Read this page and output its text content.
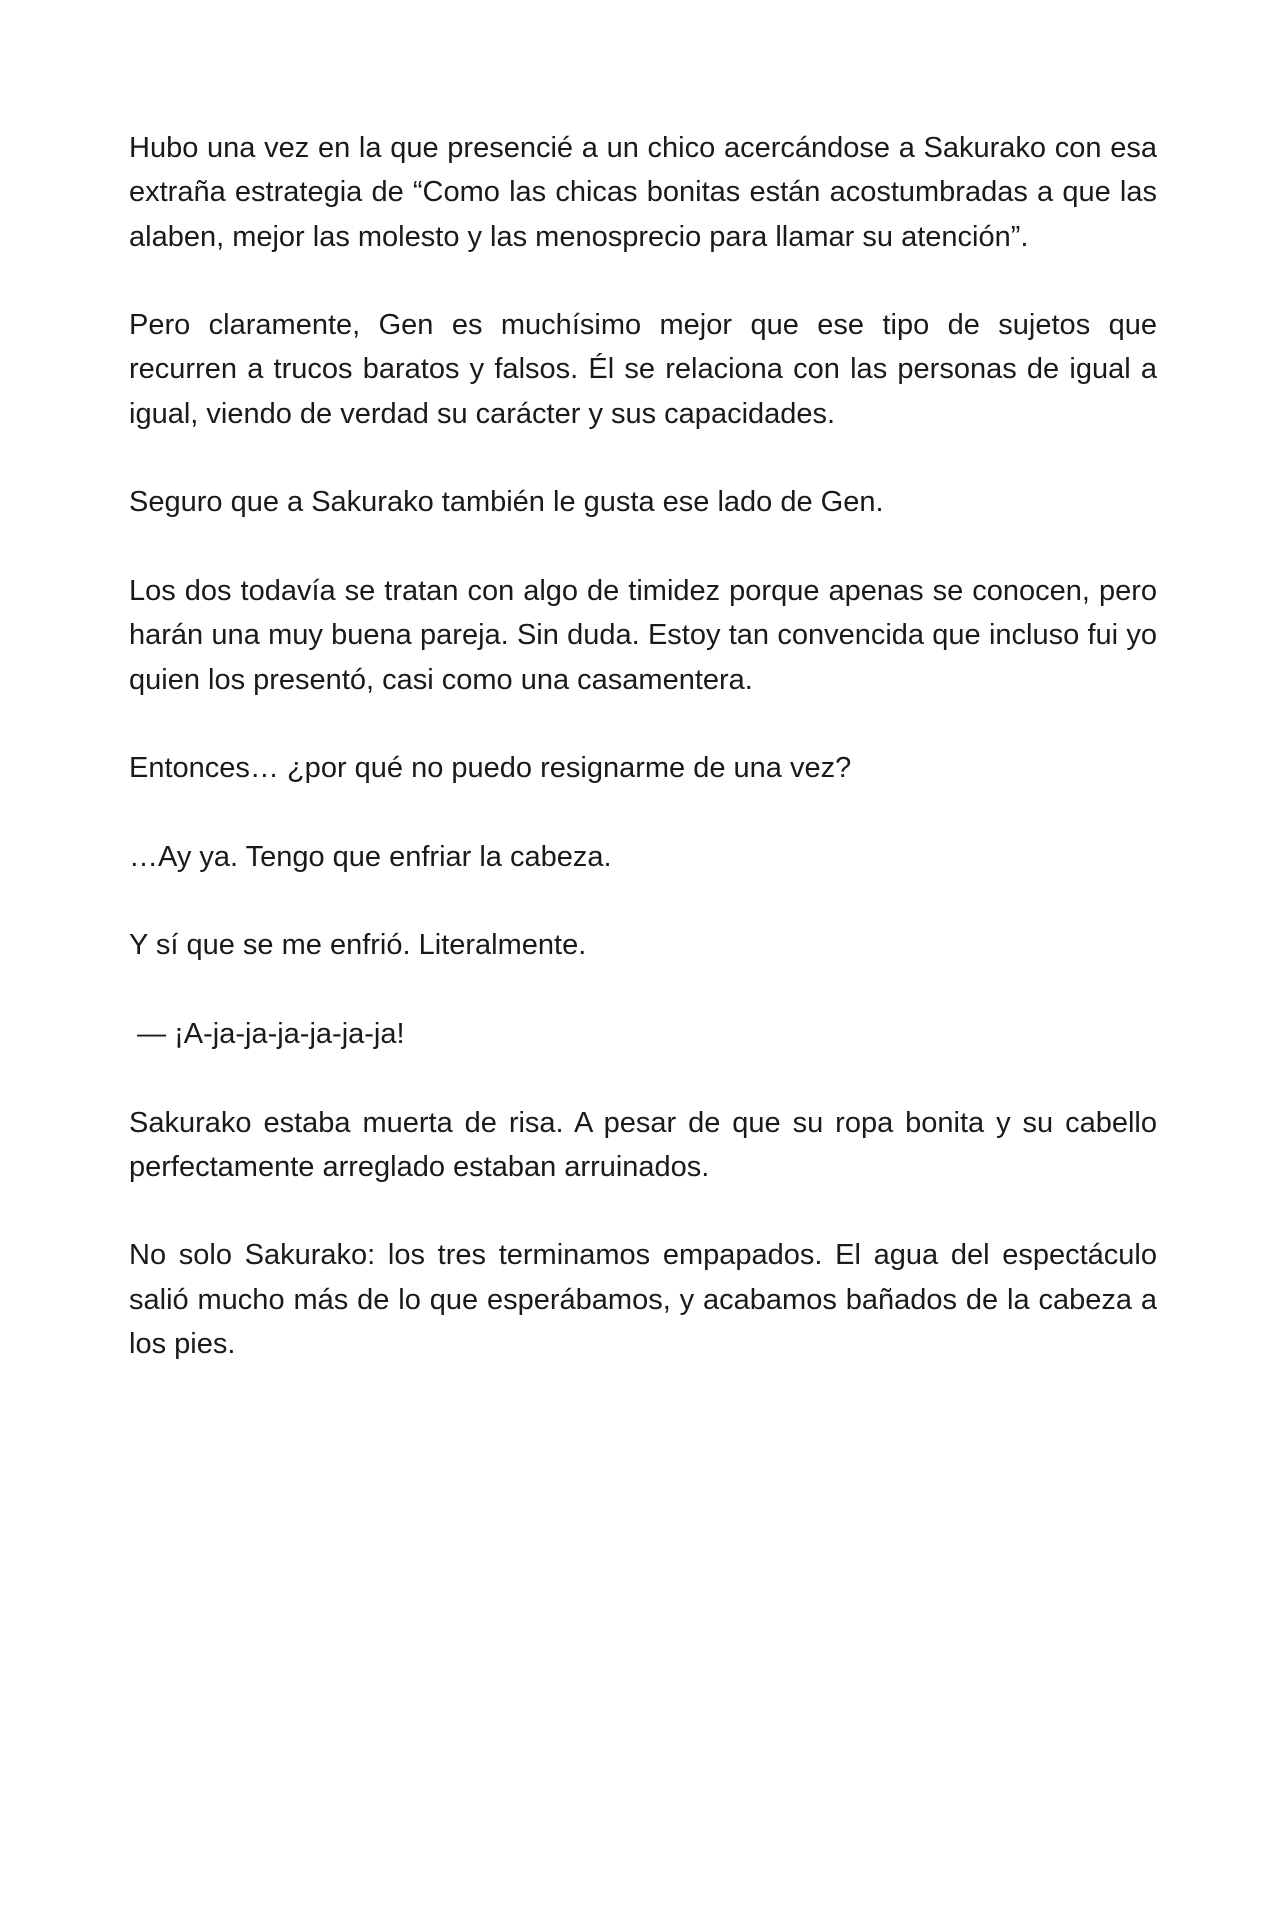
Hubo una vez en la que presencié a un chico acercándose a Sakurako con esa extraña estrategia de “Como las chicas bonitas están acostumbradas a que las alaben, mejor las molesto y las menosprecio para llamar su atención”.

Pero claramente, Gen es muchísimo mejor que ese tipo de sujetos que recurren a trucos baratos y falsos. Él se relaciona con las personas de igual a igual, viendo de verdad su carácter y sus capacidades.

Seguro que a Sakurako también le gusta ese lado de Gen.

Los dos todavía se tratan con algo de timidez porque apenas se conocen, pero harán una muy buena pareja. Sin duda. Estoy tan convencida que incluso fui yo quien los presentó, casi como una casamentera.

Entonces… ¿por qué no puedo resignarme de una vez?

…Ay ya. Tengo que enfriar la cabeza.

Y sí que se me enfrió. Literalmente.

— ¡A-ja-ja-ja-ja-ja-ja!

Sakurako estaba muerta de risa. A pesar de que su ropa bonita y su cabello perfectamente arreglado estaban arruinados.

No solo Sakurako: los tres terminamos empapados. El agua del espectáculo salió mucho más de lo que esperábamos, y acabamos bañados de la cabeza a los pies.
